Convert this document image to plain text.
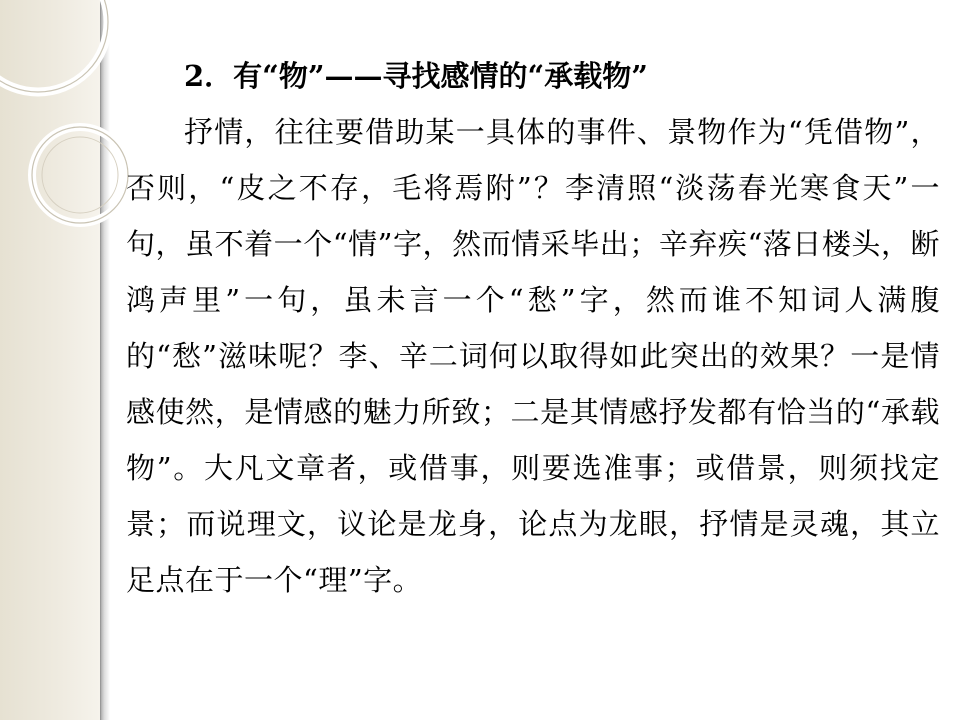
2．有“物”——寻找感情的“承载物”

抒情，往往要借助某一具体的事件、景物作为“凭借物”，否则，“皮之不存，毛将焉附”？李清照“淡荡春光寒食天”一句，虽不着一个“情”字，然而情采毕出；辛弃疾“落日楼头，断鸿声里”一句，虽未言一个“愁”字，然而谁不知词人满腹的“愁”滋味呢？李、辛二词何以取得如此突出的效果？一是情感使然，是情感的魅力所致；二是其情感抒发都有恰当的“承载物”。大凡文章者，或借事，则要选准事；或借景，则须找定景；而说理文，议论是龙身，论点为龙眼，抒情是灵魂，其立足点在于一个“理”字。
